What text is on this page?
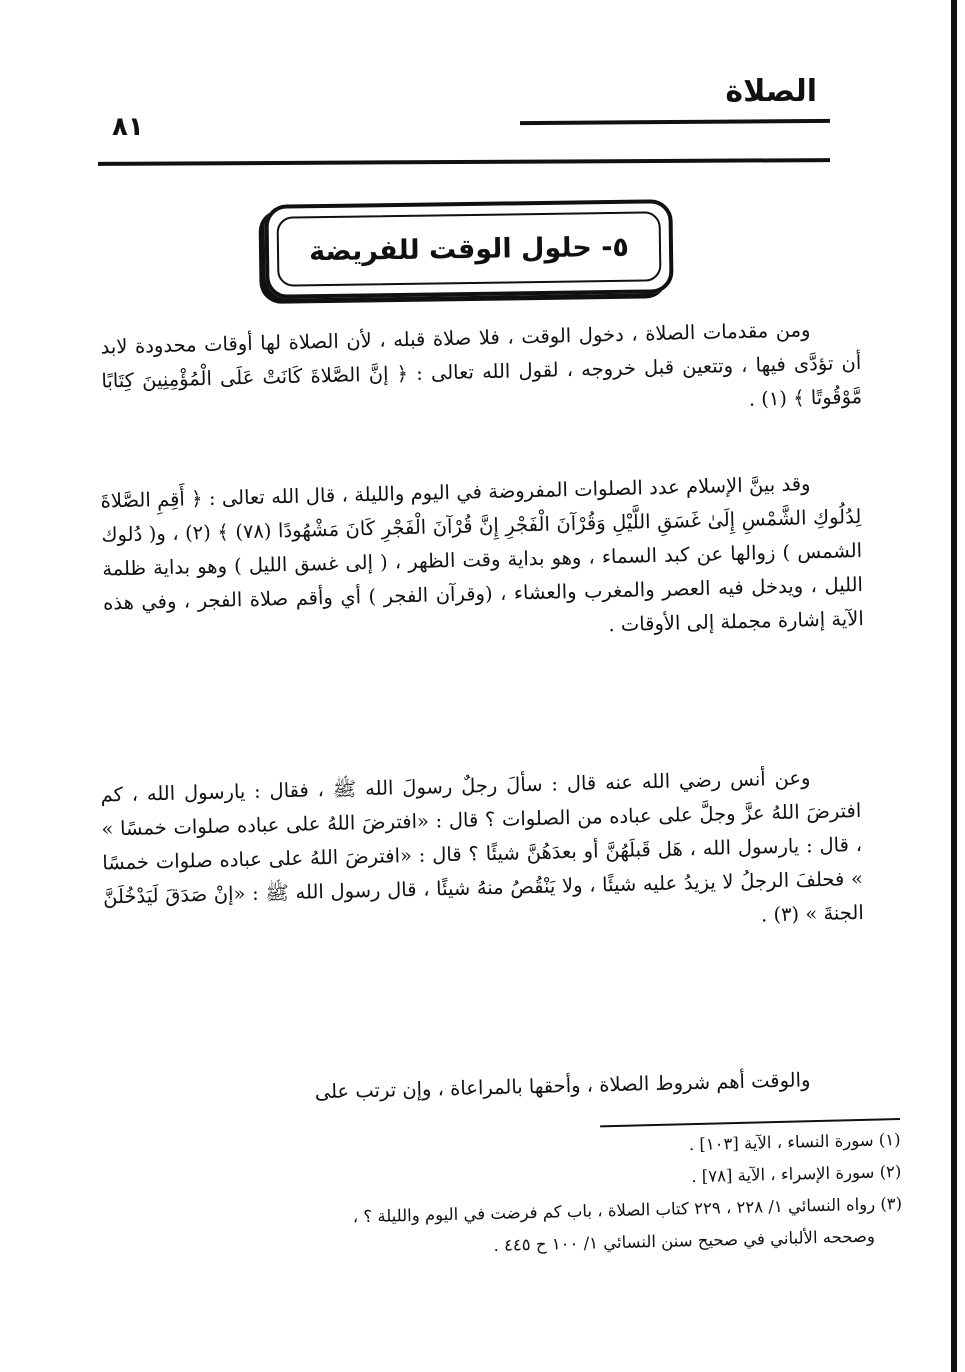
الصلاة
٨١
٥- حلول الوقت للفريضة

ومن مقدمات الصلاة ، دخول الوقت ، فلا صلاة قبله ، لأن الصلاة لها أوقات محدودة لابد أن تؤدَّى فيها ، وتتعين قبل خروجه ، لقول الله تعالى : ﴿ إنَّ الصَّلاةَ كَانَتْ عَلَى الْمُؤْمِنِينَ كِتَابًا مَّوْقُوتًا ﴾ (١) .

وقد بينَّ الإسلام عدد الصلوات المفروضة في اليوم والليلة ، قال الله تعالى : ﴿ أَقِمِ الصَّلاةَ لِدُلُوكِ الشَّمْسِ إِلَىٰ غَسَقِ اللَّيْلِ وَقُرْآنَ الْفَجْرِ إِنَّ قُرْآنَ الْفَجْرِ كَانَ مَشْهُودًا (٧٨) ﴾ (٢) ، و( دُلوك الشمس ) زوالها عن كبد السماء ، وهو بداية وقت الظهر ، ( إلى غسق الليل ) وهو بداية ظلمة الليل ، ويدخل فيه العصر والمغرب والعشاء ، (وقرآن الفجر ) أي وأقم صلاة الفجر ، وفي هذه الآية إشارة مجملة إلى الأوقات .

وعن أنس رضي الله عنه قال : سألَ رجلٌ رسولَ الله ﷺ ، فقال : يارسول الله ، كم افترضَ اللهُ عزَّ وجلَّ على عباده من الصلوات ؟ قال : «افترضَ اللهُ على عباده صلوات خمسًا » ، قال : يارسول الله ، هَل قَبلَهُنَّ أو بعدَهُنَّ شيئًا ؟ قال : «افترضَ اللهُ على عباده صلوات خمسًا » فحلفَ الرجلُ لا يزيدُ عليه شيئًا ، ولا يَنْقُصُ منهُ شيئًا ، قال رسول الله ﷺ : «إنْ صَدَقَ لَيَدْخُلَنَّ الجنةَ » (٣) .

والوقت أهم شروط الصلاة ، وأحقها بالمراعاة ، وإن ترتب على

(١) سورة النساء ، الآية [١٠٣] .

(٢) سورة الإسراء ، الآية [٧٨] .

(٣) رواه النسائي ١/ ٢٢٨ ، ٢٢٩ كتاب الصلاة ، باب كم فرضت في اليوم والليلة ؟ ،

وصححه الألباني في صحيح سنن النسائي ١/ ١٠٠ ح ٤٤٥ .
